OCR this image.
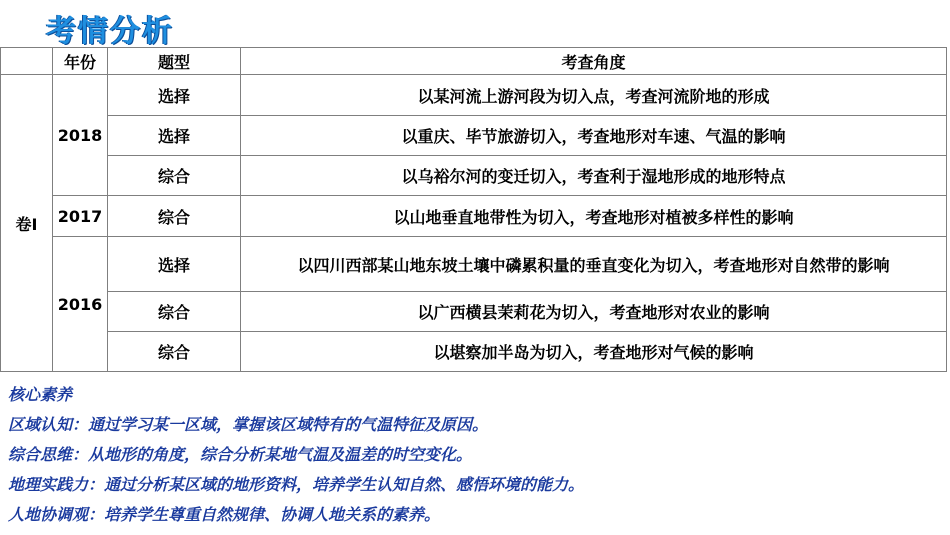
考情分析
	年份	题型	考查角度
卷Ⅰ	2018	选择	以某河流上游河段为切入点，考查河流阶地的形成
		选择	以重庆、毕节旅游切入，考查地形对车速、气温的影响
		综合	以乌裕尔河的变迁切入，考查利于湿地形成的地形特点
	2017	综合	以山地垂直地带性为切入，考查地形对植被多样性的影响
	2016	选择	以四川西部某山地东坡土壤中磷累积量的垂直变化为切入，考查地形对自然带的影响
		综合	以广西横县茉莉花为切入，考查地形对农业的影响
		综合	以堪察加半岛为切入，考查地形对气候的影响
核心素养
区域认知：通过学习某一区域，掌握该区域特有的气温特征及原因。
综合思维：从地形的角度，综合分析某地气温及温差的时空变化。
地理实践力：通过分析某区域的地形资料，培养学生认知自然、感悟环境的能力。
人地协调观：培养学生尊重自然规律、协调人地关系的素养。
